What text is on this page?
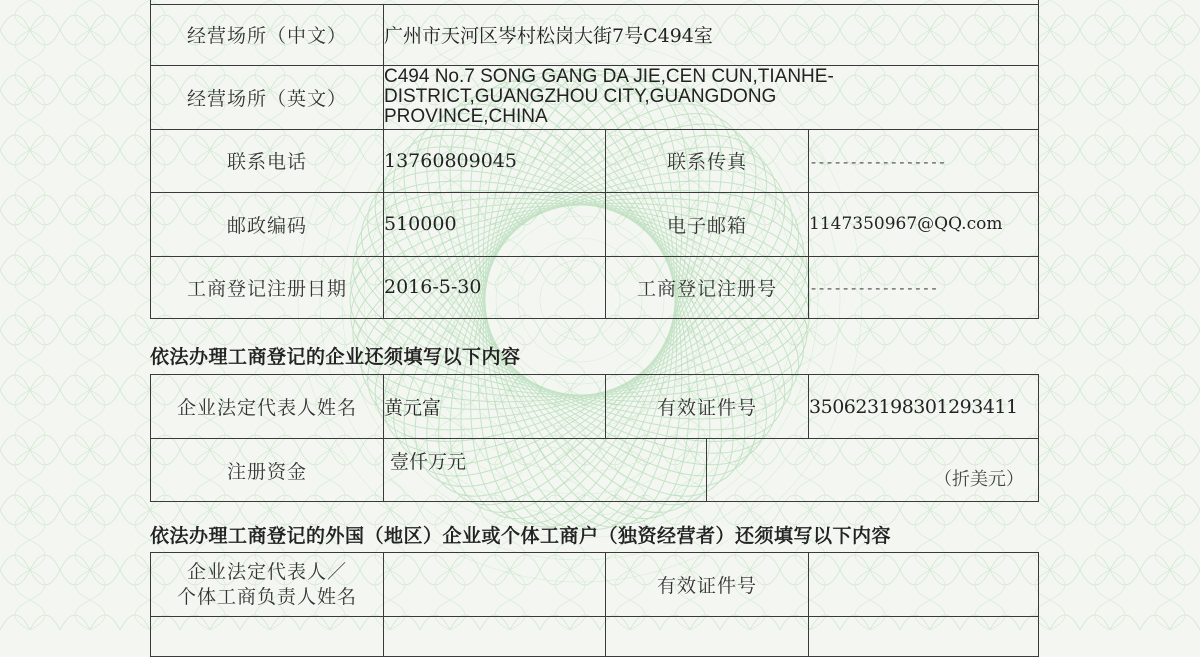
经营场所（中文）	广州市天河区岑村松岗大街7号C494室		
经营场所（英文）	C494 No.7 SONG GANG DA JIE,CEN CUN,TIANHE-DISTRICT,GUANGZHOU CITY,GUANGDONG PROVINCE,CHINA		

联系电话	13760809045	联系传真	-----------------
邮政编码	510000	电子邮箱	1147350967@QQ.com
工商登记注册日期	2016-5-30	工商登记注册号	----------------
依法办理工商登记的企业还须填写以下内容
企业法定代表人姓名	黄元富	有效证件号		350623198301293411
注册资金	壹仟万元		（折美元）	
依法办理工商登记的外国（地区）企业或个体工商户（独资经营者）还须填写以下内容
企业法定代表人／
个体工商负责人姓名		有效证件号	
